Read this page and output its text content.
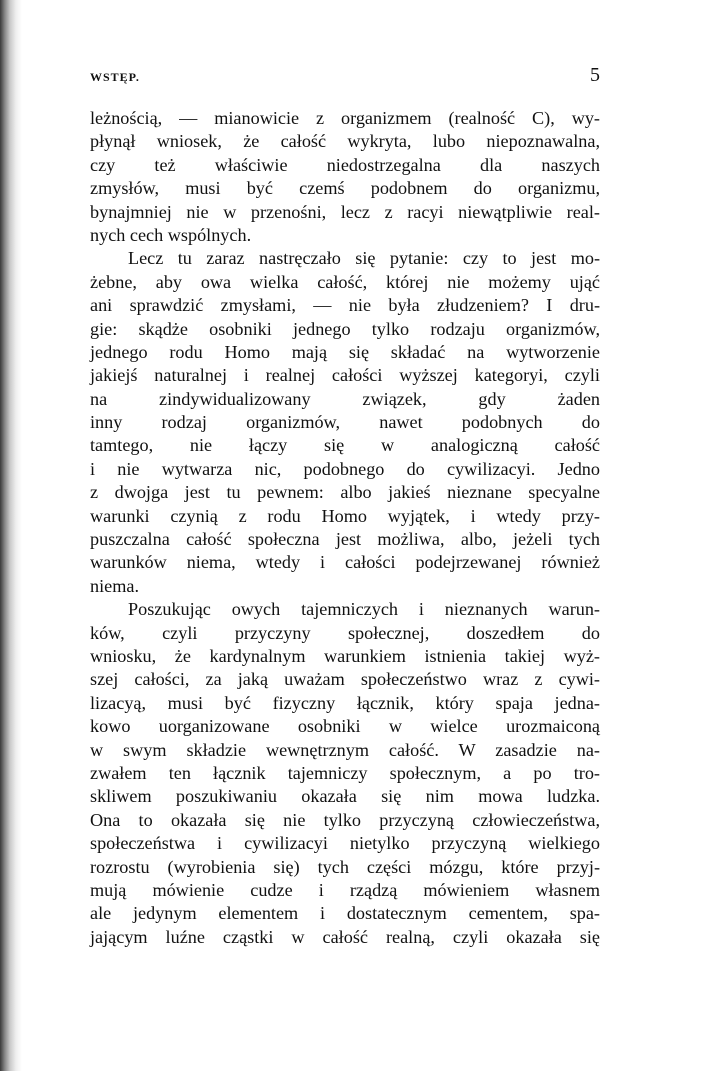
WSTĘP.	5
leżnością, — mianowicie z organizmem (realność C), wy-
płynął wniosek, że całość wykryta, lubo niepoznawalna,
czy też właściwie niedostrzegalna dla naszych
zmysłów, musi być czemś podobnem do organizmu,
bynajmniej nie w przenośni, lecz z racyi niewątpliwie real-
nych cech wspólnych.
Lecz tu zaraz nastręczało się pytanie: czy to jest mo-
żebne, aby owa wielka całość, której nie możemy ująć
ani sprawdzić zmysłami, — nie była złudzeniem? I dru-
gie: skądże osobniki jednego tylko rodzaju organizmów,
jednego rodu Homo mają się składać na wytworzenie
jakiejś naturalnej i realnej całości wyższej kategoryi, czyli
na zindywidualizowany związek, gdy żaden
inny rodzaj organizmów, nawet podobnych do
tamtego, nie łączy się w analogiczną całość
i nie wytwarza nic, podobnego do cywilizacyi. Jedno
z dwojga jest tu pewnem: albo jakieś nieznane specyalne
warunki czynią z rodu Homo wyjątek, i wtedy przy-
puszczalna całość społeczna jest możliwa, albo, jeżeli tych
warunków niema, wtedy i całości podejrzewanej również
niema.
Poszukując owych tajemniczych i nieznanych warun-
ków, czyli przyczyny społecznej, doszedłem do
wniosku, że kardynalnym warunkiem istnienia takiej wyż-
szej całości, za jaką uważam społeczeństwo wraz z cywi-
lizacyą, musi być fizyczny łącznik, który spaja jedna-
kowo uorganizowane osobniki w wielce urozmaiconą
w swym składzie wewnętrznym całość. W zasadzie na-
zwałem ten łącznik tajemniczy społecznym, a po tro-
skliwem poszukiwaniu okazała się nim mowa ludzka.
Ona to okazała się nie tylko przyczyną człowieczeństwa,
społeczeństwa i cywilizacyi nietylko przyczyną wielkiego
rozrostu (wyrobienia się) tych części mózgu, które przyj-
mują mówienie cudze i rządzą mówieniem własnem
ale jedynym elementem i dostatecznym cementem, spa-
jającym luźne cząstki w całość realną, czyli okazała się
